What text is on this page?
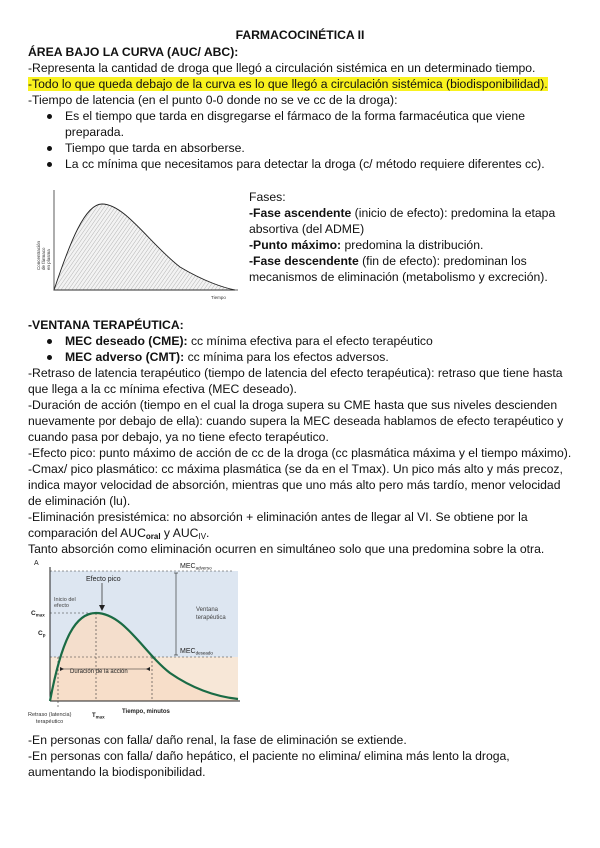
FARMACOCINÉTICA II
ÁREA BAJO LA CURVA (AUC/ ABC):
-Representa la cantidad de droga que llegó a circulación sistémica en un determinado tiempo.
-Todo lo que queda debajo de la curva es lo que llegó a circulación sistémica (biodisponibilidad).
-Tiempo de latencia (en el punto 0-0 donde no se ve cc de la droga):
Es el tiempo que tarda en disgregarse el fármaco de la forma farmacéutica que viene
preparada.
Tiempo que tarda en absorberse.
La cc mínima que necesitamos para detectar la droga (c/ método requiere diferentes cc).
Concentración de fármaco en plasma
Tiempo
Fases:
-Fase ascendente (inicio de efecto): predomina la etapa
absortiva (del ADME)
-Punto máximo: predomina la distribución.
-Fase descendente (fin de efecto): predominan los
mecanismos de eliminación (metabolismo y excreción).
-VENTANA TERAPÉUTICA:
MEC deseado (CME): cc mínima efectiva para el efecto terapéutico
MEC adverso (CMT): cc mínima para los efectos adversos.
-Retraso de latencia terapéutico (tiempo de latencia del efecto terapéutica): retraso que tiene hasta
que llega a la cc mínima efectiva (MEC deseado).
-Duración de acción (tiempo en el cual la droga supera su CME hasta que sus niveles descienden
nuevamente por debajo de ella): cuando supera la MEC deseada hablamos de efecto terapéutico y
cuando pasa por debajo, ya no tiene efecto terapéutico.
-Efecto pico: punto máximo de acción de cc de la droga (cc plasmática máxima y el tiempo máximo).
-Cmax/ pico plasmático: cc máxima plasmática (se da en el Tmax). Un pico más alto y más precoz,
indica mayor velocidad de absorción, mientras que uno más alto pero más tardío, menor velocidad
de eliminación (lu).
-Eliminación presistémica: no absorción + eliminación antes de llegar al VI. Se obtiene por la
comparación del $AUC_{oral}$ y $AUC_{IV}$.
Tanto absorción como eliminación ocurren en simultáneo solo que una predomina sobre la otra.
A
Efecto pico
$MEC_{adverso}$
$MEC_{deseado}$
Inicio del
efecto
$C_{max}$
$C_p$
Ventana
terapéutica
Duración de la acción
Retraso (latencia)
terapéutico
$T_{max}$
Tiempo, minutos
-En personas con falla/ daño renal, la fase de eliminación se extiende.
-En personas con falla/ daño hepático, el paciente no elimina/ elimina más lento la droga,
aumentando la biodisponibilidad.
